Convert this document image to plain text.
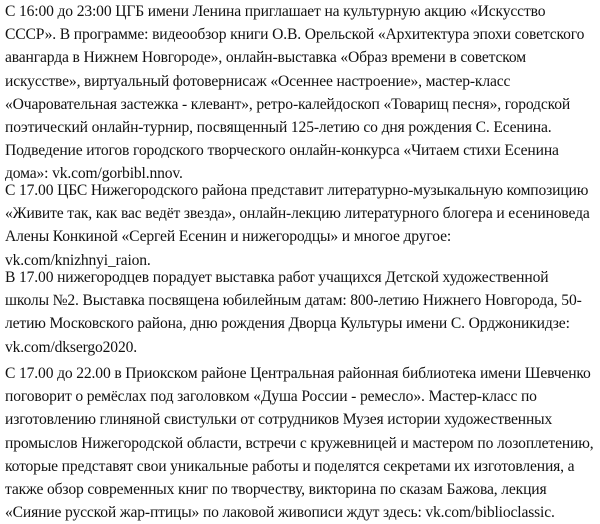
С 16:00 до 23:00 ЦГБ имени Ленина приглашает на культурную акцию «Искусство
СССР». В программе: видеообзор книги О.В. Орельской «Архитектура эпохи советского
авангарда в Нижнем Новгороде», онлайн-выставка «Образ времени в советском
искусстве», виртуальный фотовернисаж «Осеннее настроение», мастер-класс
«Очаровательная застежка - клевант», ретро-калейдоскоп «Товарищ песня», городской
поэтический онлайн-турнир, посвященный 125-летию со дня рождения С. Есенина.
Подведение итогов городского творческого онлайн-конкурса «Читаем стихи Есенина
дома»: vk.com/gorbibl.nnov.

С 17.00 ЦБС Нижегородского района представит литературно-музыкальную композицию
«Живите так, как вас ведёт звезда», онлайн-лекцию литературного блогера и есениноведа
Алены Конкиной «Сергей Есенин и нижегородцы» и многое другое:
vk.com/knizhnyi_raion.

В 17.00 нижегородцев порадует выставка работ учащихся Детской художественной
школы №2. Выставка посвящена юбилейным датам: 800-летию Нижнего Новгорода, 50-
летию Московского района, дню рождения Дворца Культуры имени С. Орджоникидзе:
vk.com/dksergo2020.

С 17.00 до 22.00 в Приокском районе Центральная районная библиотека имени Шевченко
поговорит о ремёслах под заголовком «Душа России - ремесло». Мастер-класс по
изготовлению глиняной свистульки от сотрудников Музея истории художественных
промыслов Нижегородской области, встречи с кружевницей и мастером по лозоплетению,
которые представят свои уникальные работы и поделятся секретами их изготовления, а
также обзор современных книг по творчеству, викторина по сказам Бажова, лекция
«Сияние русской жар-птицы» по лаковой живописи ждут здесь: vk.com/biblioclassic.
